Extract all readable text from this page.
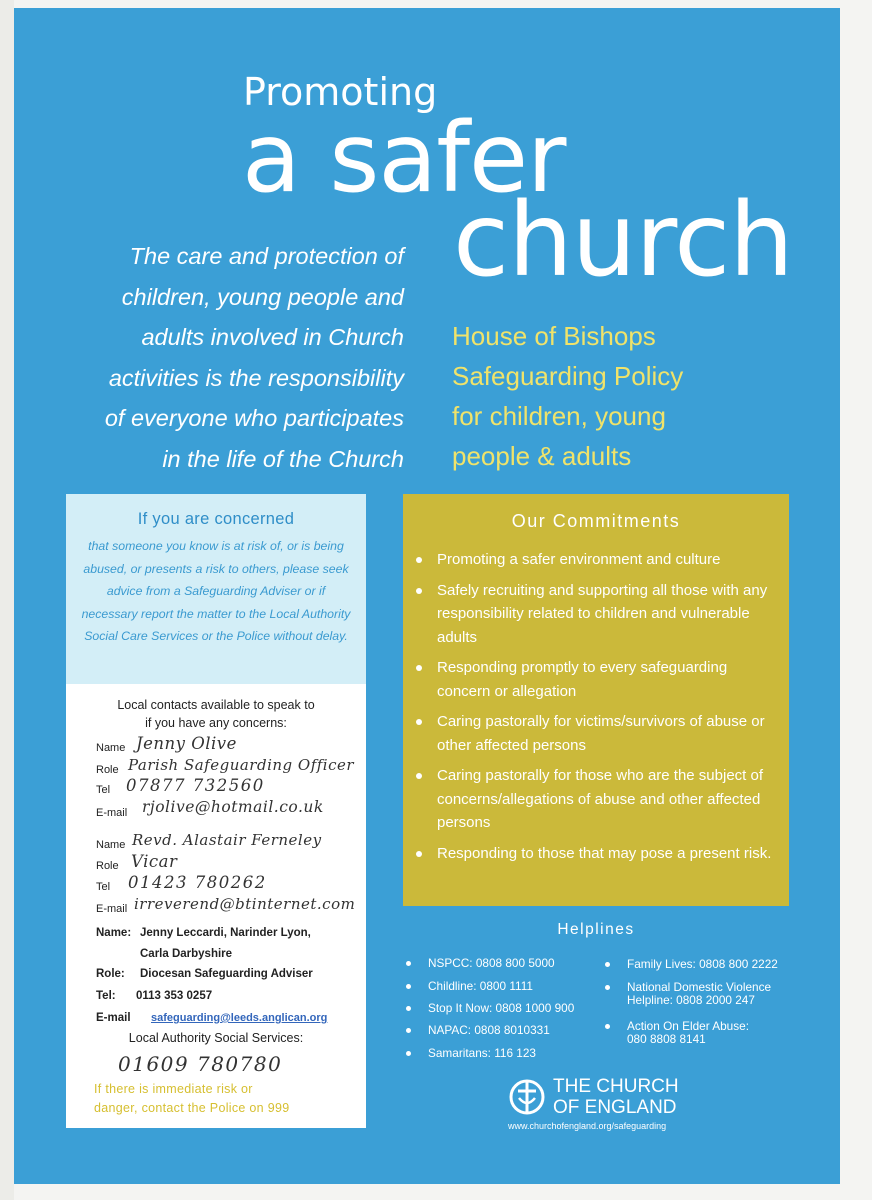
Promoting
a safer
church
The care and protection of
children, young people and
adults involved in Church
activities is the responsibility
of everyone who participates
in the life of the Church
House of Bishops
Safeguarding Policy
for children, young
people & adults
If you are concerned
that someone you know is at risk of, or is being abused, or presents a risk to others, please seek advice from a Safeguarding Adviser or if necessary report the matter to the Local Authority Social Care Services or the Police without delay.
Local contacts available to speak to
if you have any concerns:
Name Jenny Olive
Role Parish Safeguarding Officer
Tel 07877 732560
E-mail rjolive@hotmail.co.uk
Name Revd. Alastair Ferneley
Role Vicar
Tel 01423 780262
E-mail irreverend@btinternet.com
Name: Jenny Leccardi, Narinder Lyon,
Carla Darbyshire
Role: Diocesan Safeguarding Adviser
Tel: 0113 353 0257
E-mail safeguarding@leeds.anglican.org
Local Authority Social Services:
01609 780780
If there is immediate risk or
danger, contact the Police on 999
Our Commitments
Promoting a safer environment and culture
Safely recruiting and supporting all those with any responsibility related to children and vulnerable adults
Responding promptly to every safeguarding concern or allegation
Caring pastorally for victims/survivors of abuse or other affected persons
Caring pastorally for those who are the subject of concerns/allegations of abuse and other affected persons
Responding to those that may pose a present risk.
Helplines
NSPCC: 0808 800 5000
Childline: 0800 1111
Stop It Now: 0808 1000 900
NAPAC: 0808 8010331
Samaritans: 116 123
Family Lives: 0808 800 2222
National Domestic Violence Helpline: 0808 2000 247
Action On Elder Abuse: 080 8808 8141
THE CHURCH
OF ENGLAND
www.churchofengland.org/safeguarding
